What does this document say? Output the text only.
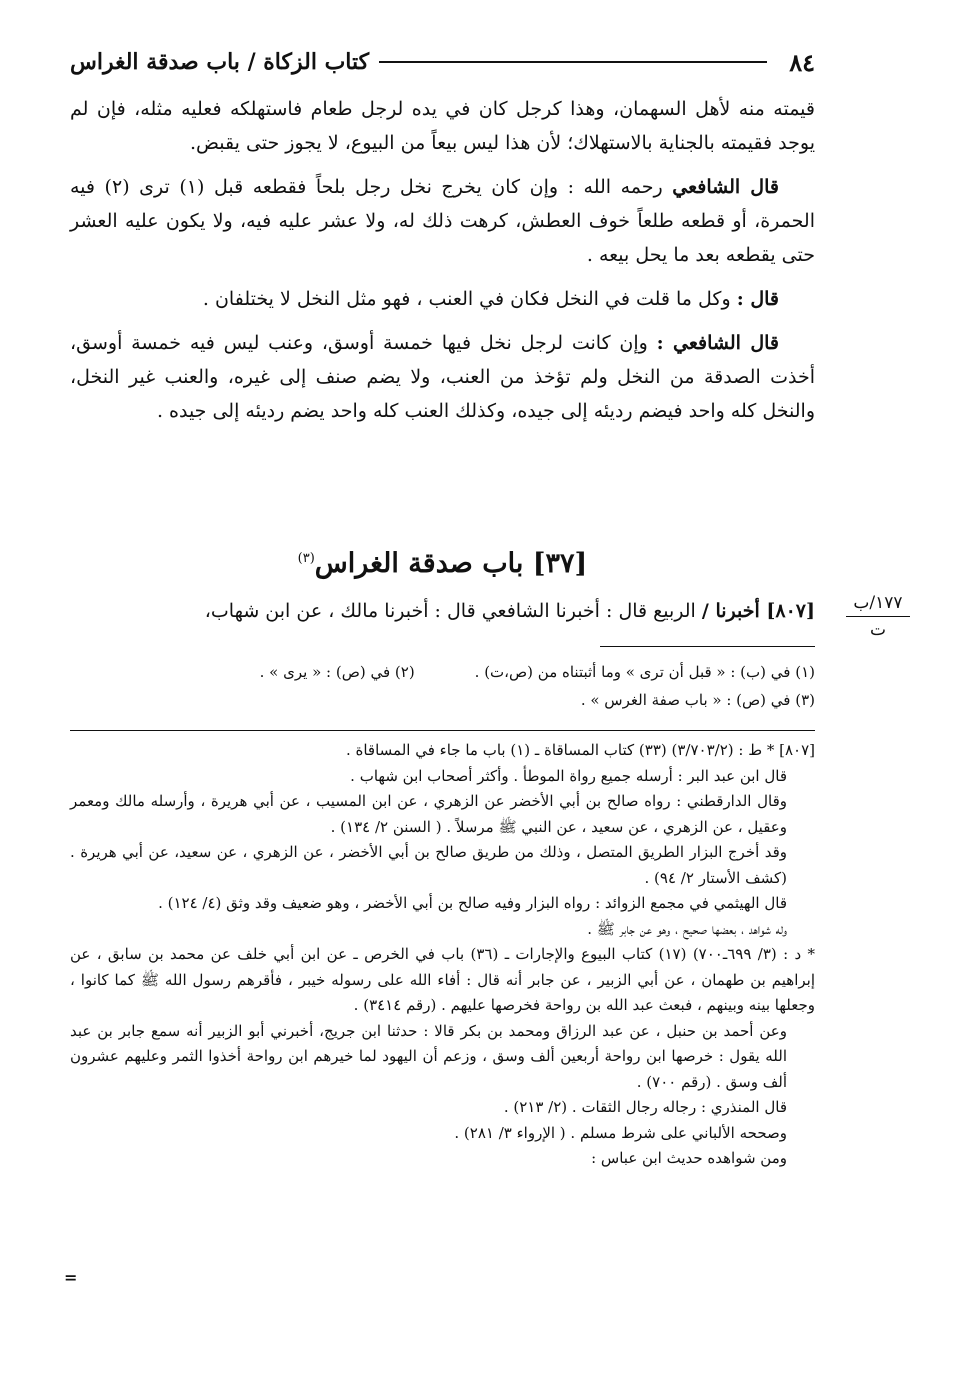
٨٤
كتاب الزكاة / باب صدقة الغراس

قيمته منه لأهل السهمان، وهذا كرجل كان في يده لرجل طعام فاستهلكه فعليه مثله، فإن لم يوجد فقيمته بالجناية بالاستهلاك؛ لأن هذا ليس بيعاً من البيوع، لا يجوز حتى يقبض.

قال الشافعي رحمه الله : وإن كان يخرج نخل رجل بلحاً فقطعه قبل (١) ترى (٢) فيه الحمرة، أو قطعه طلعاً خوف العطش، كرهت ذلك له، ولا عشر عليه فيه، ولا يكون عليه العشر حتى يقطعه بعد ما يحل بيعه .

قال : وكل ما قلت في النخل فكان في العنب ، فهو مثل النخل لا يختلفان .

قال الشافعي : وإن كانت لرجل نخل فيها خمسة أوسق، وعنب ليس فيه خمسة أوسق، أخذت الصدقة من النخل ولم تؤخذ من العنب، ولا يضم صنف إلى غيره، والعنب غير النخل، والنخل كله واحد فيضم رديئه إلى جيده، وكذلك العنب كله واحد يضم رديئه إلى جيده .

[٣٧] باب صدقة الغراس$^{(٣)}$
[٨٠٧] أخبرنا / الربيع قال : أخبرنا الشافعي قال : أخبرنا مالك ، عن ابن شهاب،	١٧٧/ب
ت
(١) في (ب) : « قبل أن ترى » وما أثبتناه من (ص،ت) .
(٢) في (ص) : « يرى » .
(٣) في (ص) : « باب صفة الغرس » .

[٨٠٧] * ط : (٣/٧٠٣/٢) (٣٣) كتاب المساقاة ـ (١) باب ما جاء في المساقاة .

قال ابن عبد البر : أرسله جميع رواة الموطأ . وأكثر أصحاب ابن شهاب .

وقال الدارقطني : رواه صالح بن أبي الأخضر عن الزهري ، عن ابن المسيب ، عن أبي هريرة ، وأرسله مالك ومعمر وعقيل ، عن الزهري ، عن سعيد ، عن النبي ﷺ مرسلاً . ( السنن ٢/ ١٣٤) .

وقد أخرج البزار الطريق المتصل ، وذلك من طريق صالح بن أبي الأخضر ، عن الزهري ، عن سعيد، عن أبي هريرة . (كشف الأستار ٢/ ٩٤) .

قال الهيثمي في مجمع الزوائد : رواه البزار وفيه صالح بن أبي الأخضر ، وهو ضعيف وقد وثق (٤/ ١٢٤) .

وله شواهد ، بعضها صحيح ، وهو عن جابر ﷺ .

* د : (٣/ ٦٩٩ـ٧٠٠) (١٧) كتاب البيوع والإجارات ـ (٣٦) باب في الخرص ـ عن ابن أبي خلف عن محمد بن سابق ، عن إبراهيم بن طهمان ، عن أبي الزبير ، عن جابر أنه قال : أفاء الله على رسوله خيبر ، فأقرهم رسول الله ﷺ كما كانوا ، وجعلها بينه وبينهم ، فبعث عبد الله بن رواحة فخرصها عليهم . (رقم ٣٤١٤) .

وعن أحمد بن حنبل ، عن عبد الرزاق ومحمد بن بكر قالا : حدثنا ابن جريج، أخبرني أبو الزبير أنه سمع جابر بن عبد الله يقول : خرصها ابن رواحة أربعين ألف وسق ، وزعم أن اليهود لما خيرهم ابن رواحة أخذوا الثمر وعليهم عشرون ألف وسق . (رقم ٧٠٠) .

قال المنذري : رجاله رجال الثقات . (٢/ ٢١٣) .

وصححه الألباني على شرط مسلم . ( الإرواء ٣/ ٢٨١) .

ومن شواهده حديث ابن عباس :

=
